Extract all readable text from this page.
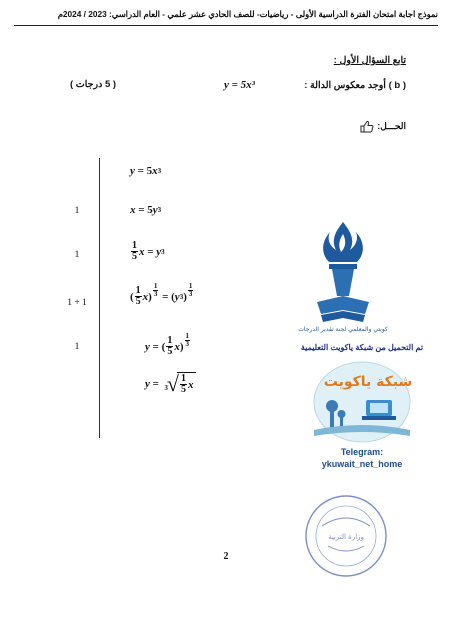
نموذج اجابة امتحان الفترة الدراسية الأولى - رياضيات- للصف الحادي عشر علمي - العام الدراسي: 2023 / 2024م
تابع السؤال الأول :
( b ) أوجد معكوس الدالة :
y = 5x³
( 5 درجات )
الحـــل:
y
=
5 x 3
1	x
=
5 y 3
1	$\frac{1}{5}$ x
=
y 3
1 + 1
( $\frac{1}{5}$ x ) $\frac{1}{3}$
=
( y 3 ) $\frac{1}{3}$
1	y
=
( $\frac{1}{5}$ x ) $\frac{1}{3}$
y
=
3 √ $\frac{1}{5}$ x
كويتي والمعلمي لجنة تقدير الدرجات
تم التحميل من شبكة ياكويت التعليمية
شبكة ياكويت
Telegram:
ykuwait_net_home
وزارة التربية
2
